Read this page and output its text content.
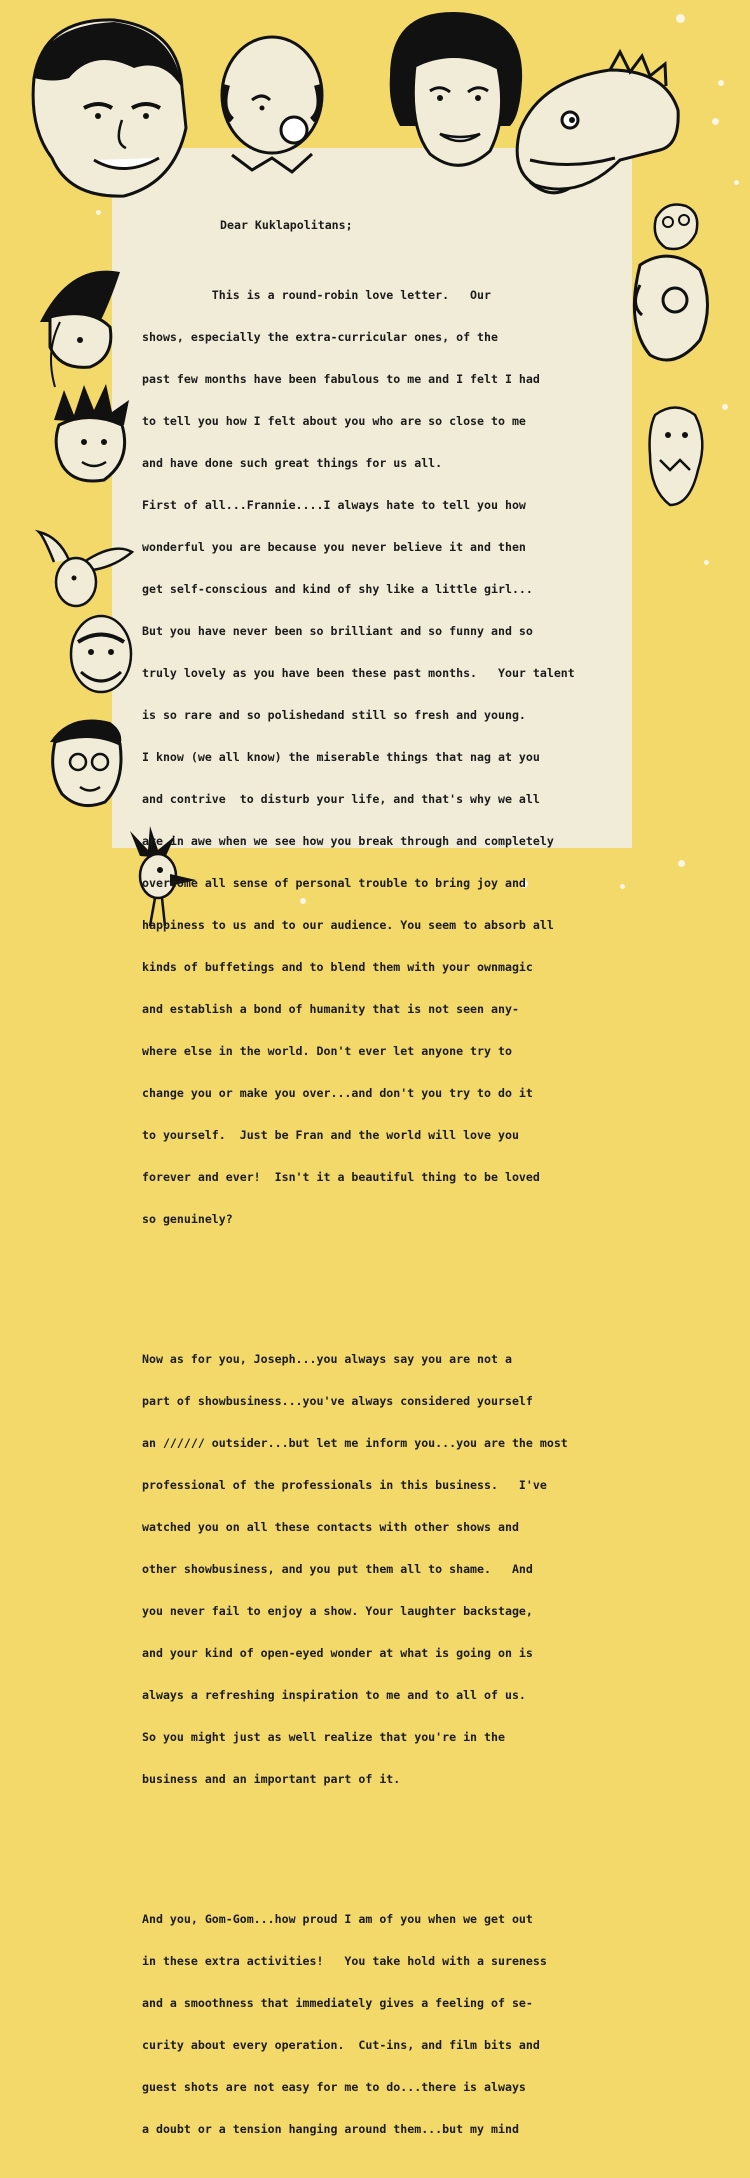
Dear Kuklapolitans;

This is a round-robin love letter.   Our

shows, especially the extra-curricular ones, of the

past few months have been fabulous to me and I felt I had

to tell you how I felt about you who are so close to me

and have done such great things for us all.

First of all...Frannie....I always hate to tell you how

wonderful you are because you never believe it and then

get self-conscious and kind of shy like a little girl...

But you have never been so brilliant and so funny and so

truly lovely as you have been these past months.   Your talent

is so rare and so polishedand still so fresh and young.

I know (we all know) the miserable things that nag at you

and contrive  to disturb your life, and that's why we all

are in awe when we see how you break through and completely

overcome all sense of personal trouble to bring joy and

happiness to us and to our audience. You seem to absorb all

kinds of buffetings and to blend them with your ownmagic

and establish a bond of humanity that is not seen any-

where else in the world. Don't ever let anyone try to

change you or make you over...and don't you try to do it

to yourself.  Just be Fran and the world will love you

forever and ever!  Isn't it a beautiful thing to be loved

so genuinely?

Now as for you, Joseph...you always say you are not a

part of showbusiness...you've always considered yourself

an ////// outsider...but let me inform you...you are the most

professional of the professionals in this business.   I've

watched you on all these contacts with other shows and

other showbusiness, and you put them all to shame.   And

you never fail to enjoy a show. Your laughter backstage,

and your kind of open-eyed wonder at what is going on is

always a refreshing inspiration to me and to all of us.

So you might just as well realize that you're in the

business and an important part of it.

And you, Gom-Gom...how proud I am of you when we get out

in these extra activities!   You take hold with a sureness

and a smoothness that immediately gives a feeling of se-

curity about every operation.  Cut-ins, and film bits and

guest shots are not easy for me to do...there is always

a doubt or a tension hanging around them...but my mind
